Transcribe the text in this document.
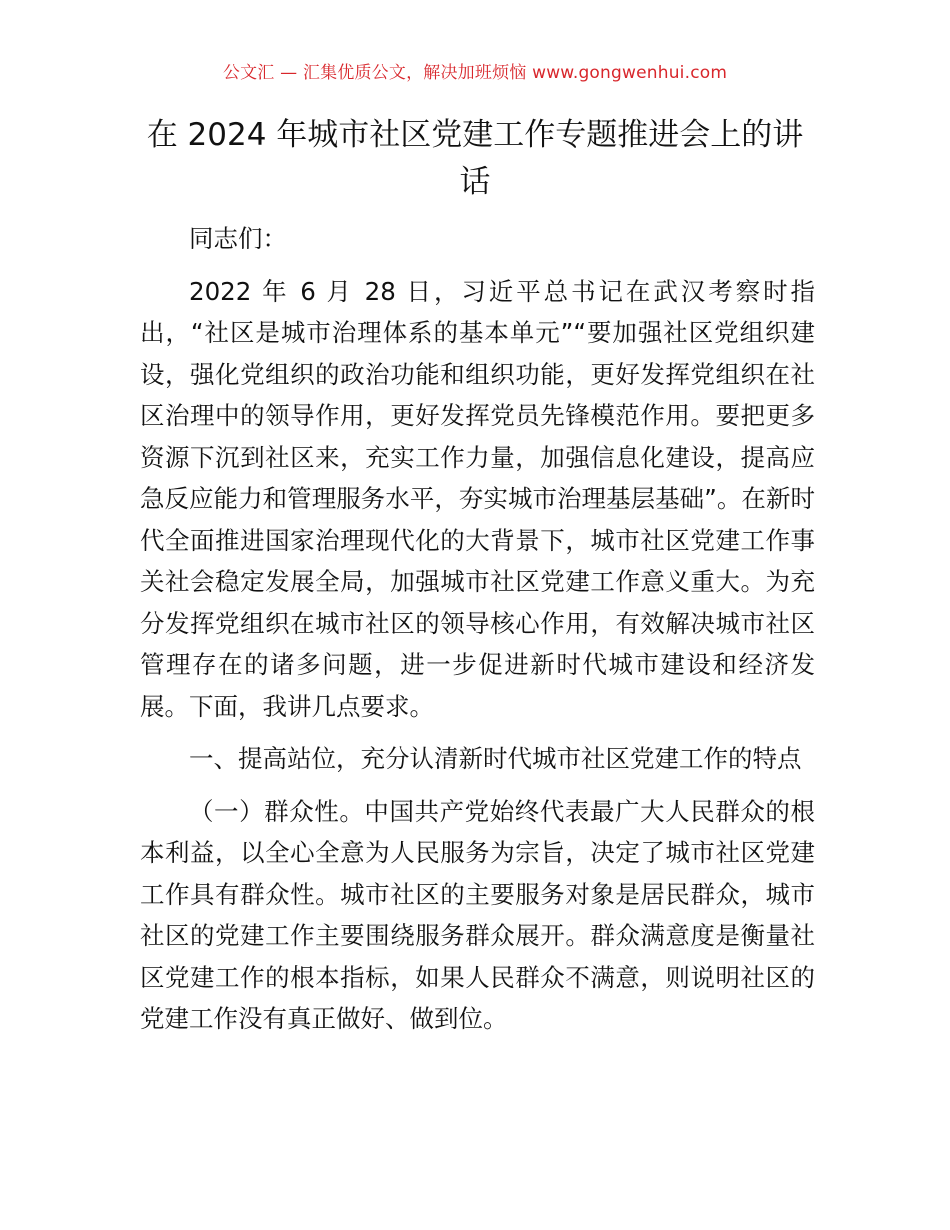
公文汇 — 汇集优质公文，解决加班烦恼 www.gongwenhui.com
在 2024 年城市社区党建工作专题推进会上的讲话

同志们：

2022 年 6 月 28 日，习近平总书记在武汉考察时指出，“社区是城市治理体系的基本单元”“要加强社区党组织建设，强化党组织的政治功能和组织功能，更好发挥党组织在社区治理中的领导作用，更好发挥党员先锋模范作用。要把更多资源下沉到社区来，充实工作力量，加强信息化建设，提高应急反应能力和管理服务水平，夯实城市治理基层基础”。在新时代全面推进国家治理现代化的大背景下，城市社区党建工作事关社会稳定发展全局，加强城市社区党建工作意义重大。为充分发挥党组织在城市社区的领导核心作用，有效解决城市社区管理存在的诸多问题，进一步促进新时代城市建设和经济发展。下面，我讲几点要求。

一、提高站位，充分认清新时代城市社区党建工作的特点

（一）群众性。中国共产党始终代表最广大人民群众的根本利益，以全心全意为人民服务为宗旨，决定了城市社区党建工作具有群众性。城市社区的主要服务对象是居民群众，城市社区的党建工作主要围绕服务群众展开。群众满意度是衡量社区党建工作的根本指标，如果人民群众不满意，则说明社区的党建工作没有真正做好、做到位。
